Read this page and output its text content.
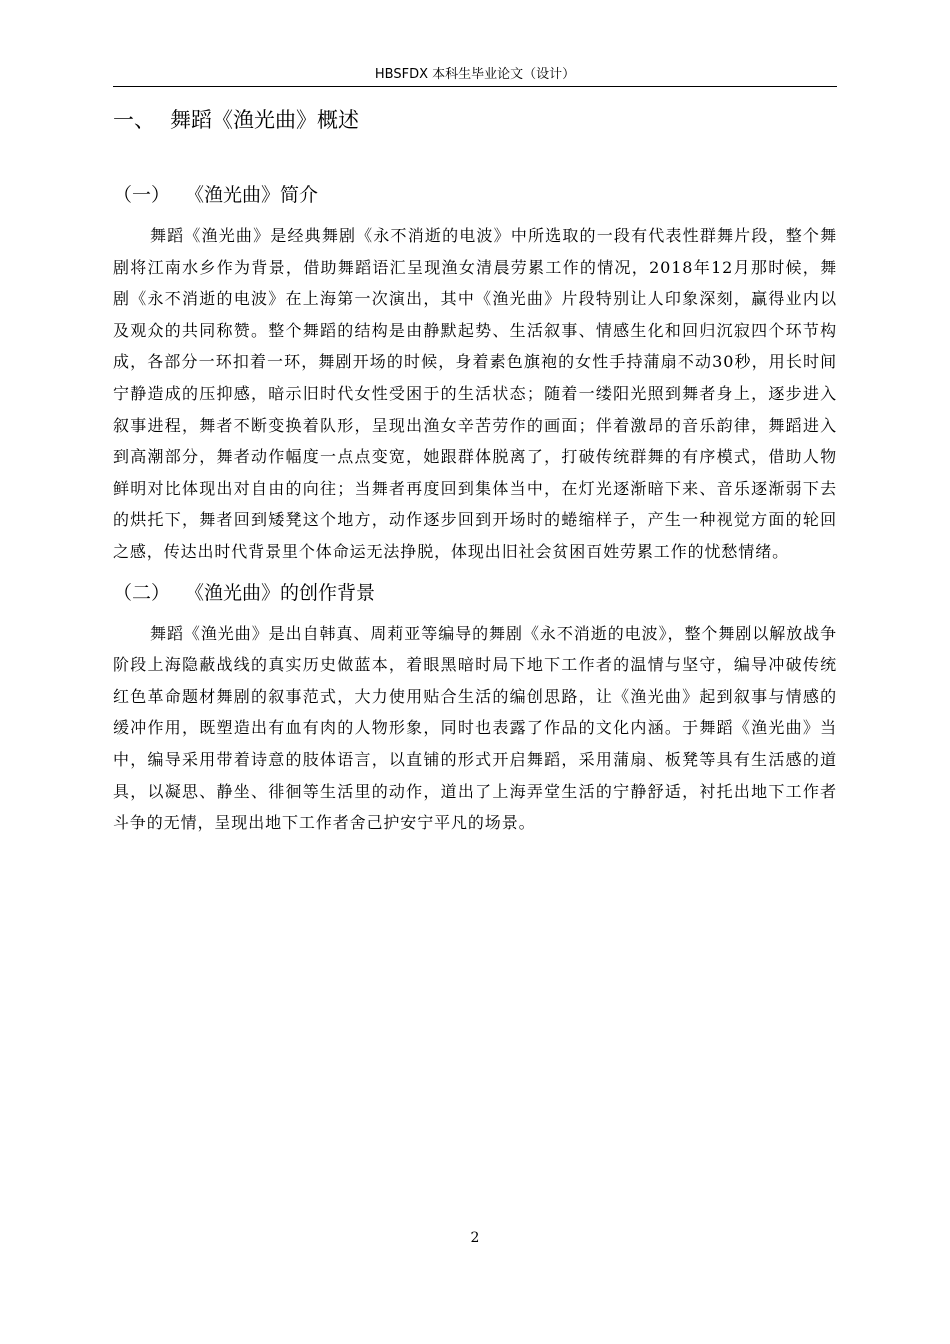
HBSFDX 本科生毕业论文（设计）
一、 舞蹈《渔光曲》概述
（一） 《渔光曲》简介

舞蹈《渔光曲》是经典舞剧《永不消逝的电波》中所选取的一段有代表性群舞片段，整个舞剧将江南水乡作为背景，借助舞蹈语汇呈现渔女清晨劳累工作的情况，2018年12月那时候，舞剧《永不消逝的电波》在上海第一次演出，其中《渔光曲》片段特别让人印象深刻，赢得业内以及观众的共同称赞。整个舞蹈的结构是由静默起势、生活叙事、情感生化和回归沉寂四个环节构成，各部分一环扣着一环，舞剧开场的时候，身着素色旗袍的女性手持蒲扇不动30秒，用长时间宁静造成的压抑感，暗示旧时代女性受困于的生活状态；随着一缕阳光照到舞者身上，逐步进入叙事进程，舞者不断变换着队形，呈现出渔女辛苦劳作的画面；伴着激昂的音乐韵律，舞蹈进入到高潮部分，舞者动作幅度一点点变宽，她跟群体脱离了，打破传统群舞的有序模式，借助人物鲜明对比体现出对自由的向往；当舞者再度回到集体当中，在灯光逐渐暗下来、音乐逐渐弱下去的烘托下，舞者回到矮凳这个地方，动作逐步回到开场时的蜷缩样子，产生一种视觉方面的轮回之感，传达出时代背景里个体命运无法挣脱，体现出旧社会贫困百姓劳累工作的忧愁情绪。

（二） 《渔光曲》的创作背景

舞蹈《渔光曲》是出自韩真、周莉亚等编导的舞剧《永不消逝的电波》，整个舞剧以解放战争阶段上海隐蔽战线的真实历史做蓝本，着眼黑暗时局下地下工作者的温情与坚守，编导冲破传统红色革命题材舞剧的叙事范式，大力使用贴合生活的编创思路，让《渔光曲》起到叙事与情感的缓冲作用，既塑造出有血有肉的人物形象，同时也表露了作品的文化内涵。于舞蹈《渔光曲》当中，编导采用带着诗意的肢体语言，以直铺的形式开启舞蹈，采用蒲扇、板凳等具有生活感的道具，以凝思、静坐、徘徊等生活里的动作，道出了上海弄堂生活的宁静舒适，衬托出地下工作者斗争的无情，呈现出地下工作者舍己护安宁平凡的场景。

2
